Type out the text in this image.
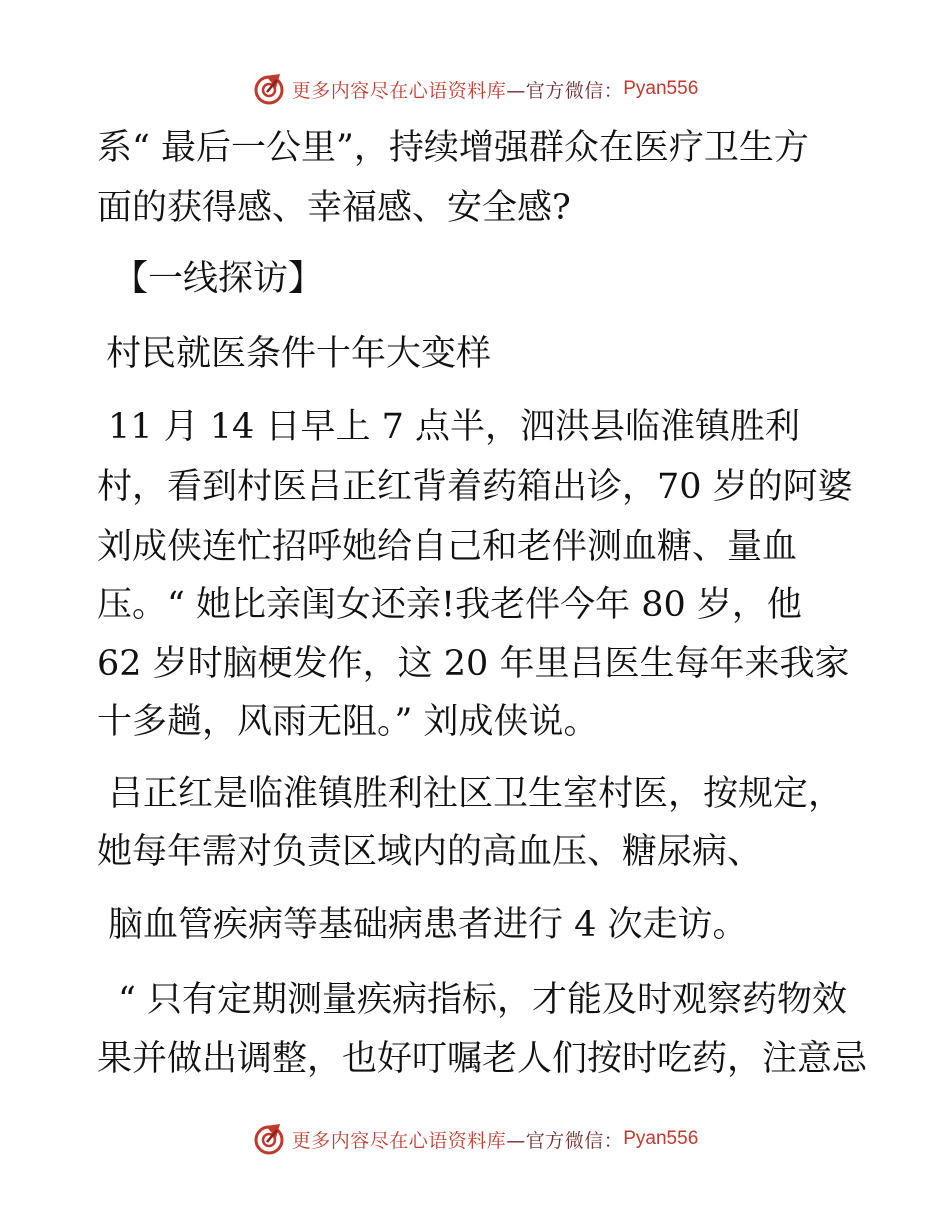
更多内容尽在心语资料库 —官方微信： Pyan556
系“ 最后一公里”，持续增强群众在医疗卫生方
面的获得感、幸福感、安全感?
【一线探访】
村民就医条件十年大变样
11 月 14 日早上 7 点半，泗洪县临淮镇胜利
村，看到村医吕正红背着药箱出诊，70 岁的阿婆
刘成侠连忙招呼她给自己和老伴测血糖、量血
压。“ 她比亲闺女还亲!我老伴今年 80 岁，他
62 岁时脑梗发作，这 20 年里吕医生每年来我家
十多趟，风雨无阻。” 刘成侠说。
吕正红是临淮镇胜利社区卫生室村医，按规定，
她每年需对负责区域内的高血压、糖尿病、
脑血管疾病等基础病患者进行 4 次走访。
“ 只有定期测量疾病指标，才能及时观察药物效
果并做出调整，也好叮嘱老人们按时吃药，注意忌
更多内容尽在心语资料库 —官方微信： Pyan556
